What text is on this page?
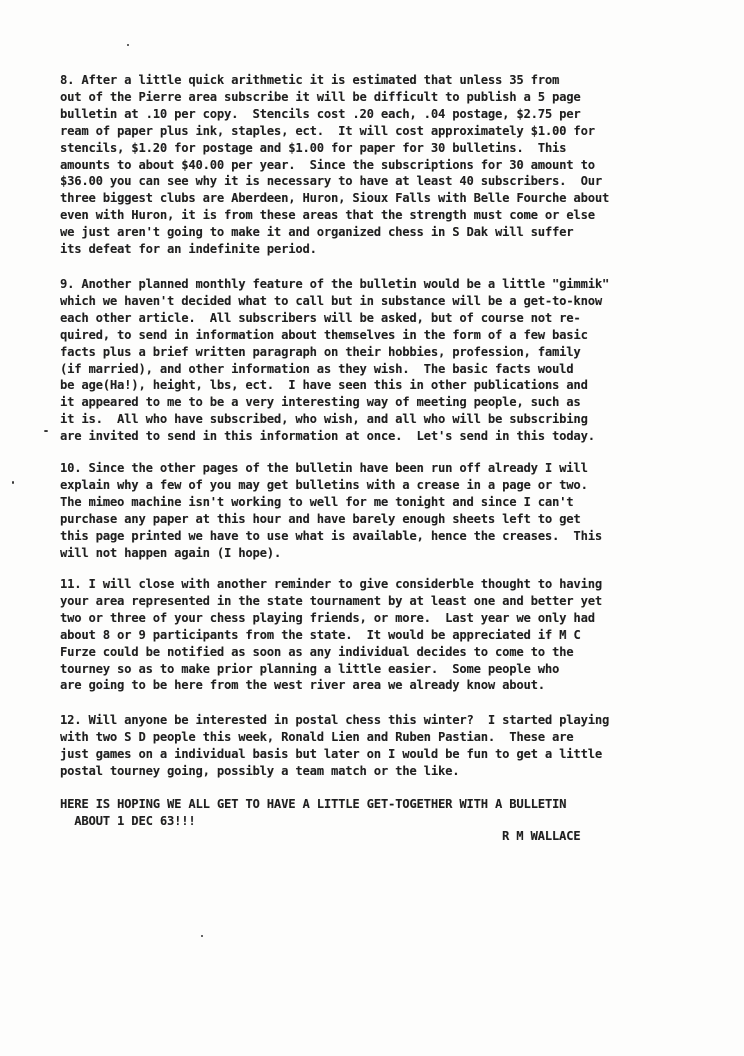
8. After a little quick arithmetic it is estimated that unless 35 from
out of the Pierre area subscribe it will be difficult to publish a 5 page
bulletin at .10 per copy.  Stencils cost .20 each, .04 postage, $2.75 per
ream of paper plus ink, staples, ect.  It will cost approximately $1.00 for
stencils, $1.20 for postage and $1.00 for paper for 30 bulletins.  This
amounts to about $40.00 per year.  Since the subscriptions for 30 amount to
$36.00 you can see why it is necessary to have at least 40 subscribers.  Our
three biggest clubs are Aberdeen, Huron, Sioux Falls with Belle Fourche about
even with Huron, it is from these areas that the strength must come or else
we just aren't going to make it and organized chess in S Dak will suffer
its defeat for an indefinite period.
9. Another planned monthly feature of the bulletin would be a little "gimmik"
which we haven't decided what to call but in substance will be a get-to-know
each other article.  All subscribers will be asked, but of course not re-
quired, to send in information about themselves in the form of a few basic
facts plus a brief written paragraph on their hobbies, profession, family
(if married), and other information as they wish.  The basic facts would
be age(Ha!), height, lbs, ect.  I have seen this in other publications and
it appeared to me to be a very interesting way of meeting people, such as
it is.  All who have subscribed, who wish, and all who will be subscribing
are invited to send in this information at once.  Let's send in this today.
10. Since the other pages of the bulletin have been run off already I will
explain why a few of you may get bulletins with a crease in a page or two.
The mimeo machine isn't working to well for me tonight and since I can't
purchase any paper at this hour and have barely enough sheets left to get
this page printed we have to use what is available, hence the creases.  This
will not happen again (I hope).
11. I will close with another reminder to give considerble thought to having
your area represented in the state tournament by at least one and better yet
two or three of your chess playing friends, or more.  Last year we only had
about 8 or 9 participants from the state.  It would be appreciated if M C
Furze could be notified as soon as any individual decides to come to the
tourney so as to make prior planning a little easier.  Some people who
are going to be here from the west river area we already know about.
12. Will anyone be interested in postal chess this winter?  I started playing
with two S D people this week, Ronald Lien and Ruben Pastian.  These are
just games on a individual basis but later on I would be fun to get a little
postal tourney going, possibly a team match or the like.
HERE IS HOPING WE ALL GET TO HAVE A LITTLE GET-TOGETHER WITH A BULLETIN
ABOUT 1 DEC 63!!!
R M WALLACE
